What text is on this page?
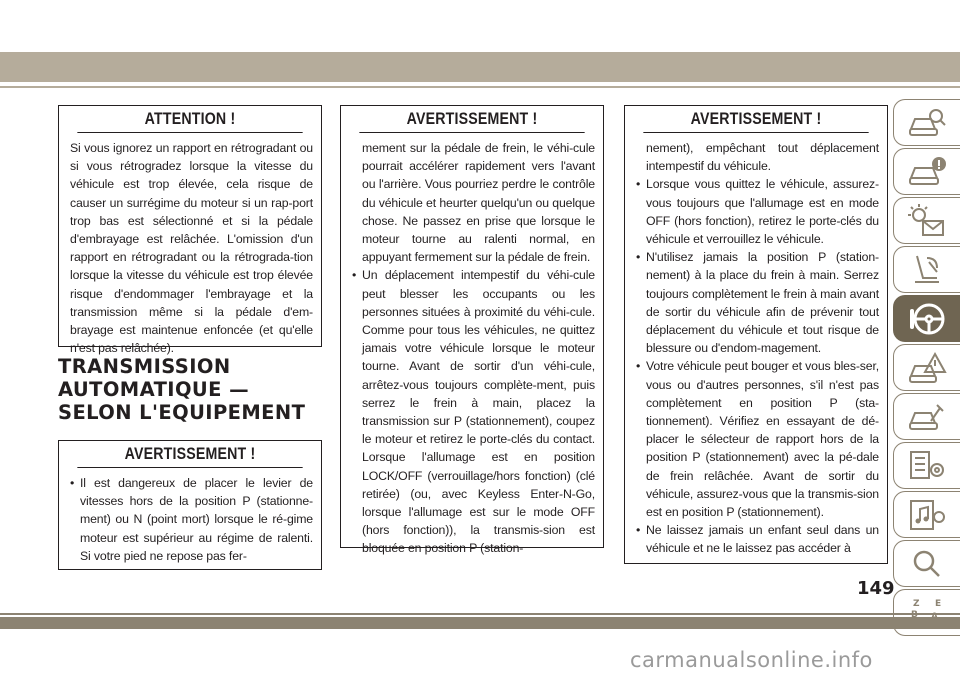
ATTENTION !

Si vous ignorez un rapport en rétrogradant ou si vous rétrogradez lorsque la vitesse du véhicule est trop élevée, cela risque de causer un surrégime du moteur si un rap-port trop bas est sélectionné et si la pédale d'embrayage est relâchée. L'omission d'un rapport en rétrogradant ou la rétrograda-tion lorsque la vitesse du véhicule est trop élevée risque d'endommager l'embrayage et la transmission même si la pédale d'em-brayage est maintenue enfoncée (et qu'elle n'est pas relâchée).

TRANSMISSION AUTOMATIQUE — SELON L'EQUIPEMENT
AVERTISSEMENT !
• Il est dangereux de placer le levier de vitesses hors de la position P (stationne-ment) ou N (point mort) lorsque le ré-gime moteur est supérieur au régime de ralenti. Si votre pied ne repose pas fer-
AVERTISSEMENT !

mement sur la pédale de frein, le véhi-cule pourrait accélérer rapidement vers l'avant ou l'arrière. Vous pourriez perdre le contrôle du véhicule et heurter quelqu'un ou quelque chose. Ne passez en prise que lorsque le moteur tourne au ralenti normal, en appuyant fermement sur la pédale de frein.

• Un déplacement intempestif du véhi-cule peut blesser les occupants ou les personnes situées à proximité du véhi-cule. Comme pour tous les véhicules, ne quittez jamais votre véhicule lorsque le moteur tourne. Avant de sortir d'un véhi-cule, arrêtez-vous toujours complète-ment, puis serrez le frein à main, placez la transmission sur P (stationnement), coupez le moteur et retirez le porte-clés du contact. Lorsque l'allumage est en position LOCK/OFF (verrouillage/hors fonction) (clé retirée) (ou, avec Keyless Enter-N-Go, lorsque l'allumage est sur le mode OFF (hors fonction)), la transmis-sion est bloquée en position P (station-
AVERTISSEMENT !

nement), empêchant tout déplacement intempestif du véhicule.

• Lorsque vous quittez le véhicule, assurez-vous toujours que l'allumage est en mode OFF (hors fonction), retirez le porte-clés du véhicule et verrouillez le véhicule.
• N'utilisez jamais la position P (station-nement) à la place du frein à main. Serrez toujours complètement le frein à main avant de sortir du véhicule afin de prévenir tout déplacement du véhicule et tout risque de blessure ou d'endom-magement.
• Votre véhicule peut bouger et vous bles-ser, vous ou d'autres personnes, s'il n'est pas complètement en position P (sta-tionnement). Vérifiez en essayant de dé-placer le sélecteur de rapport hors de la position P (stationnement) avec la pé-dale de frein relâchée. Avant de sortir du véhicule, assurez-vous que la transmis-sion est en position P (stationnement).
• Ne laissez jamais un enfant seul dans un véhicule et ne le laissez pas accéder à
Z E
149
carmanualsonline.info
